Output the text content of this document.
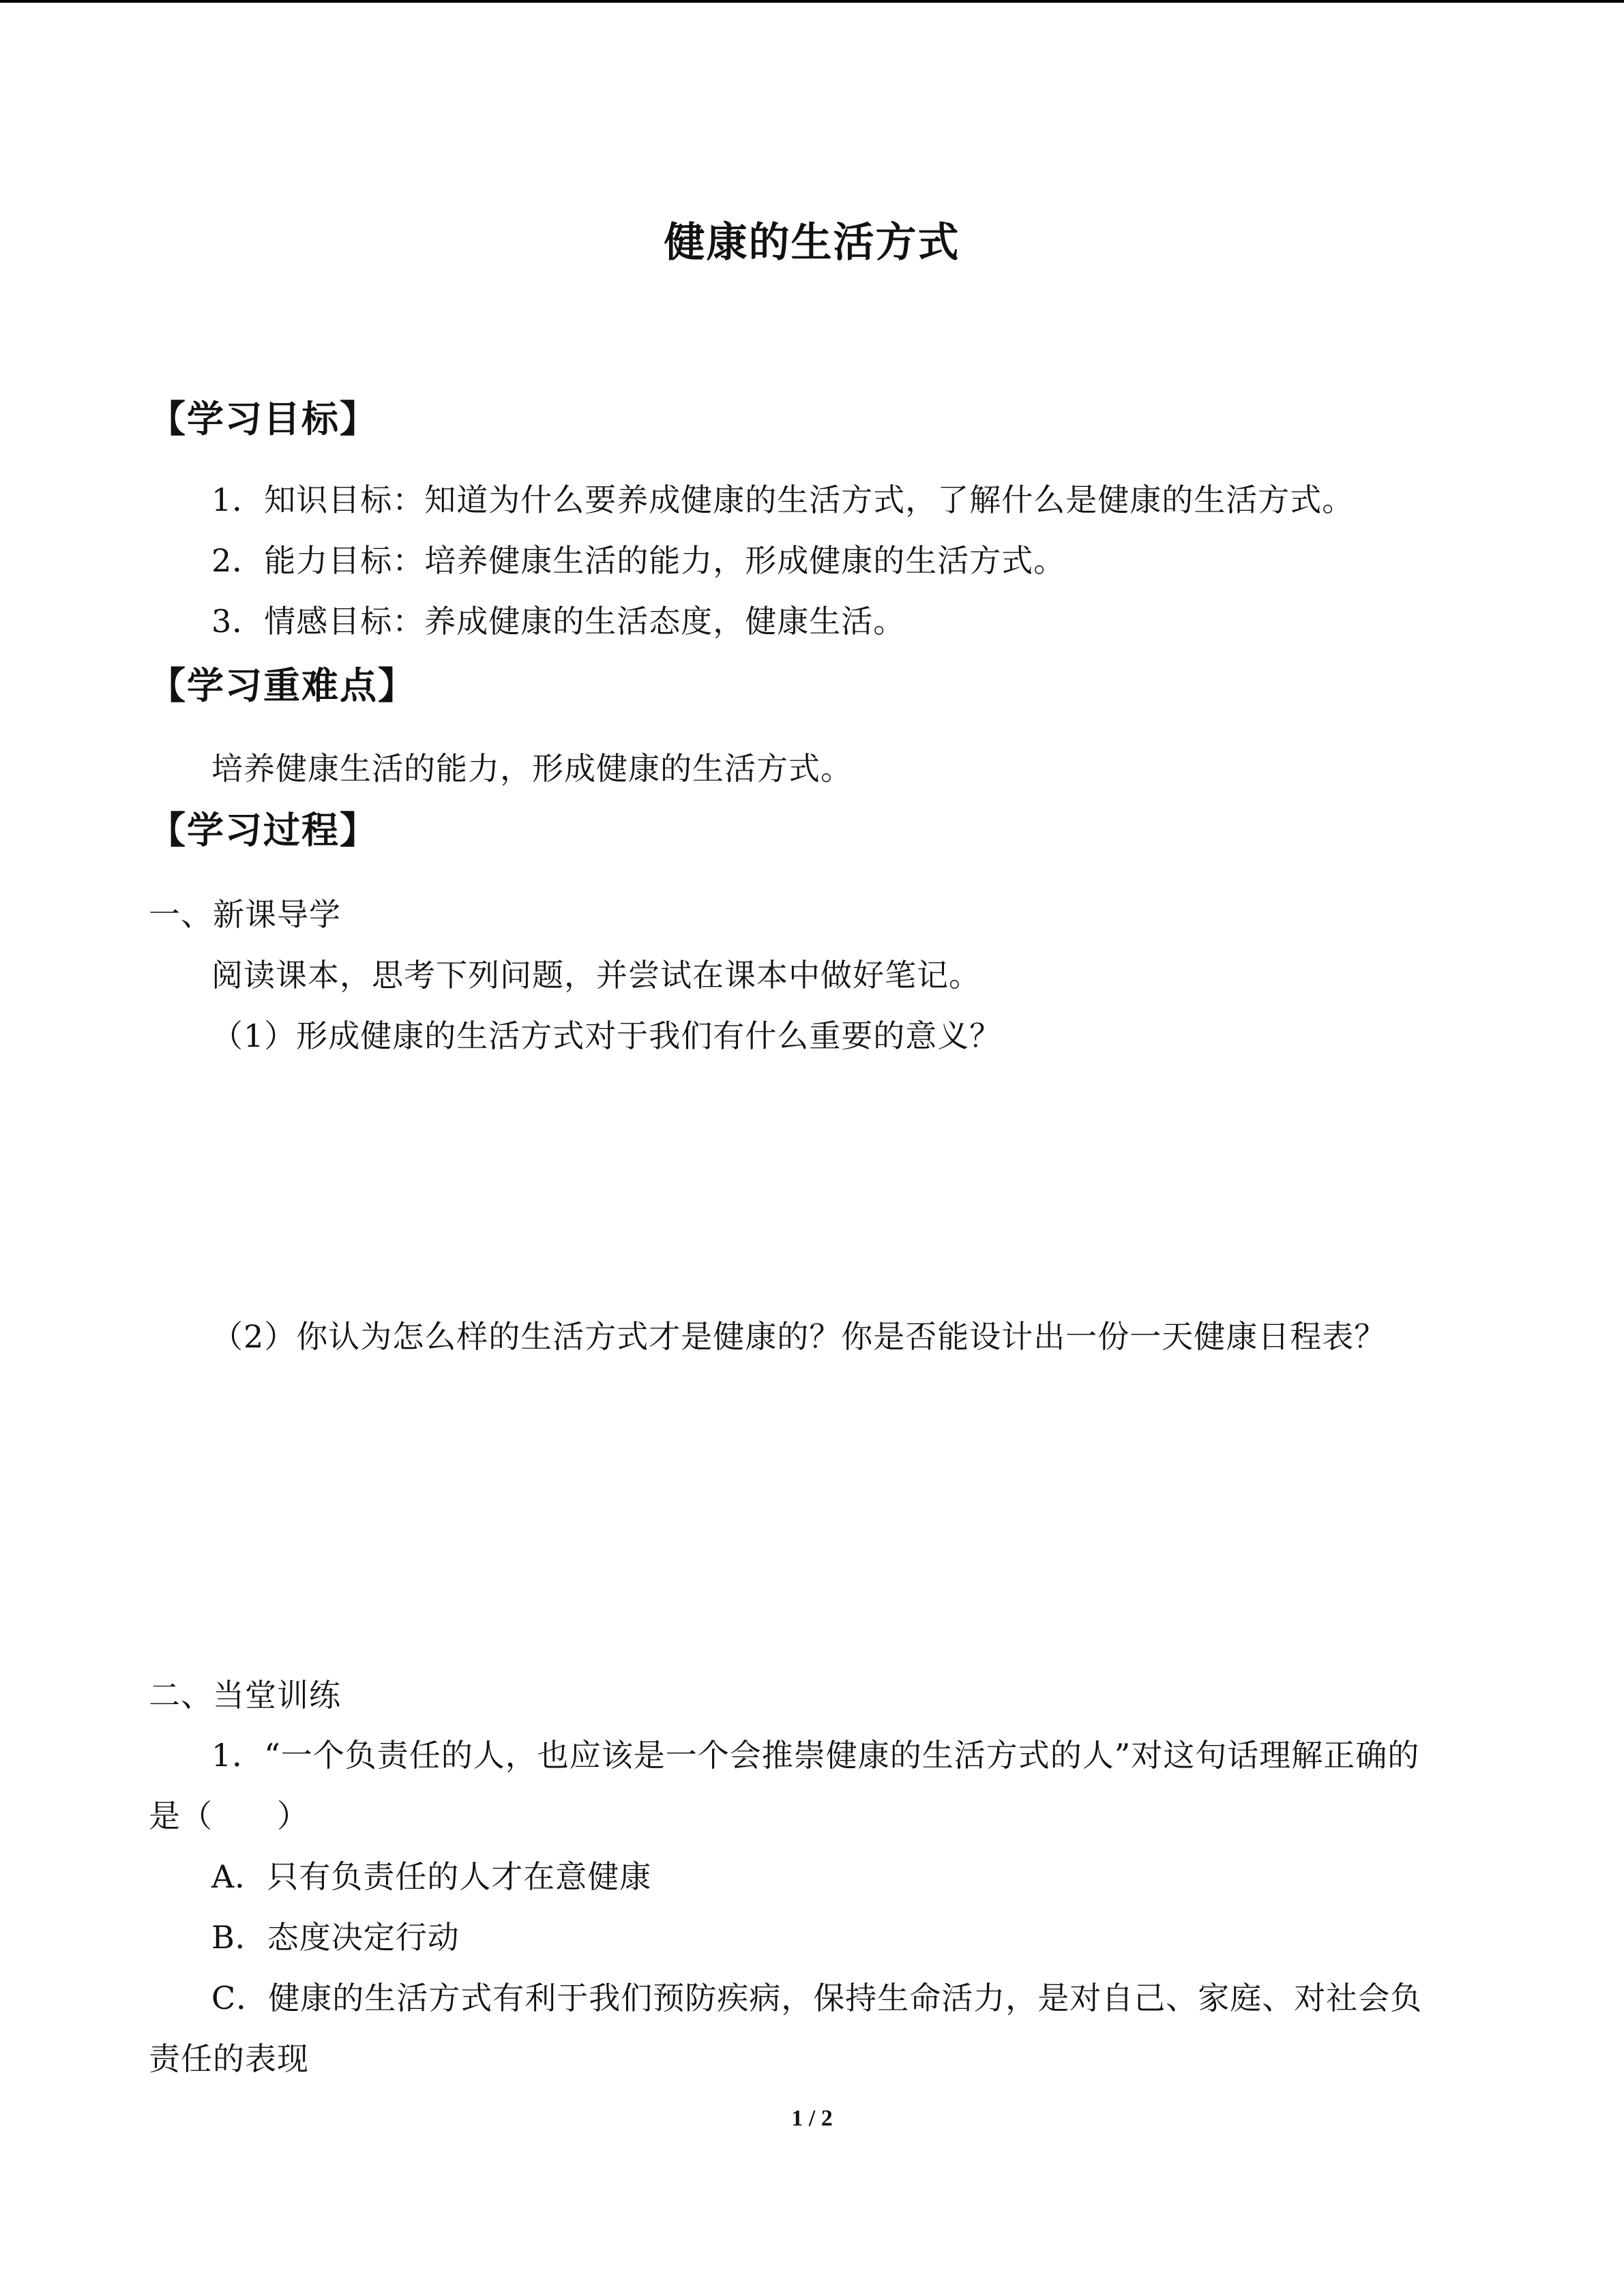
健康的生活方式
【学习目标】
1．知识目标：知道为什么要养成健康的生活方式，了解什么是健康的生活方式。
2．能力目标：培养健康生活的能力，形成健康的生活方式。
3．情感目标：养成健康的生活态度，健康生活。
【学习重难点】
培养健康生活的能力，形成健康的生活方式。
【学习过程】
一、新课导学
阅读课本，思考下列问题，并尝试在课本中做好笔记。
（1）形成健康的生活方式对于我们有什么重要的意义？
（2）你认为怎么样的生活方式才是健康的？你是否能设计出一份一天健康日程表？
二、当堂训练
1．“一个负责任的人，也应该是一个会推崇健康的生活方式的人”对这句话理解正确的
是（　　）
A．只有负责任的人才在意健康
B．态度决定行动
C．健康的生活方式有利于我们预防疾病，保持生命活力，是对自己、家庭、对社会负
责任的表现
1 / 2
